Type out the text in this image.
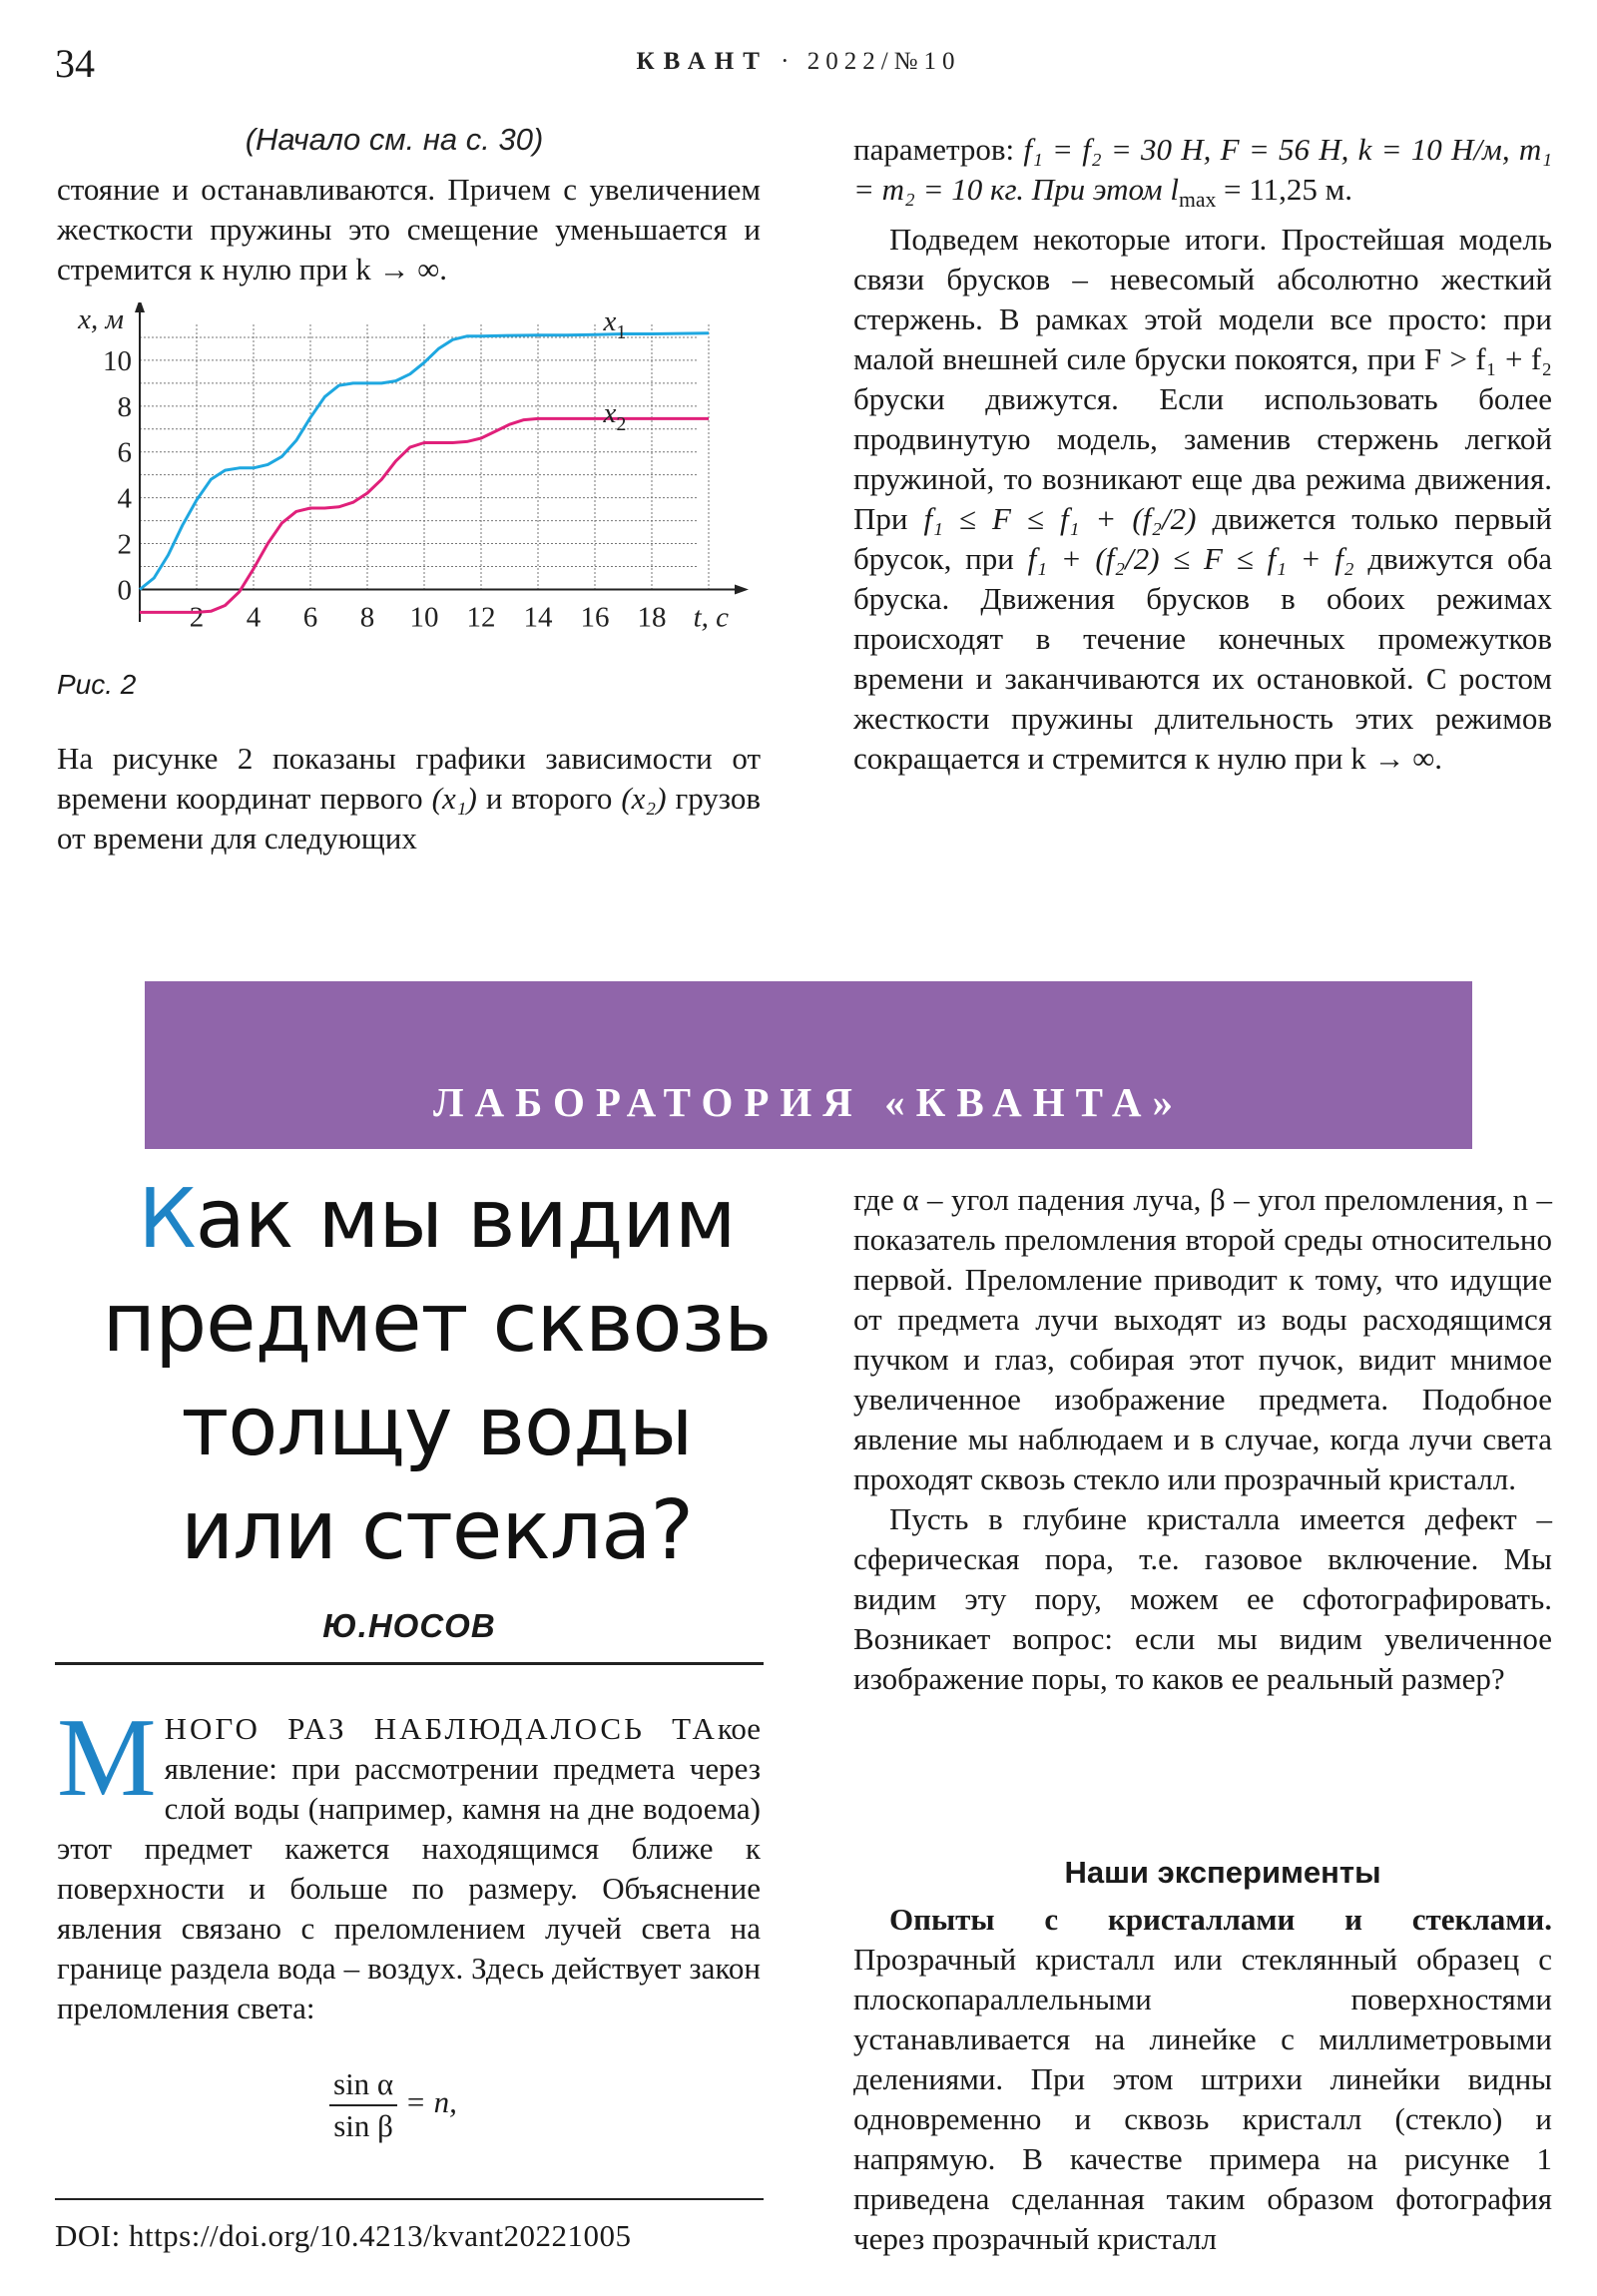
34	КВАНТ · 2022/№10
(Начало см. на с. 30)

стояние и останавливаются. Причем с увеличением жесткости пружины это смещение уменьшается и стремится к нулю при k → ∞.

2 4 6 8 10 12 14 16 18
0
2
4
6
8
10
t, с
x, м	$x_1$
$x_2$
Рис. 2

На рисунке 2 показаны графики зависимости от времени координат первого (x₁) и второго (x₂) грузов от времени для следующих

параметров: f₁ = f₂ = 30 Н, F = 56 Н, k = 10 Н/м, m₁ = m₂ = 10 кг. При этом $l_{max} = 11,25$ м.

Подведем некоторые итоги. Простейшая модель связи брусков – невесомый абсолютно жесткий стержень. В рамках этой модели все просто: при малой внешней силе бруски покоятся, при F > f₁ + f₂ бруски движутся. Если использовать более продвинутую модель, заменив стержень легкой пружиной, то возникают еще два режима движения. При f₁ ≤ F ≤ f₁ + (f₂/2) движется только первый брусок, при f₁ + (f₂/2) ≤ F ≤ f₁ + f₂ движутся оба бруска. Движения брусков в обоих режимах происходят в течение конечных промежутков времени и заканчиваются их остановкой. С ростом жесткости пружины длительность этих режимов сокращается и стремится к нулю при k → ∞.

ЛАБОРАТОРИЯ «КВАНТА»
Как мы видим
предмет сквозь
толщу воды
или стекла?
Ю.НОСОВ

МНОГО РАЗ НАБЛЮДАЛОСЬ ТАкое явление: при рассмотрении предмета через слой воды (например, камня на дне водоема) этот предмет кажется находящимся ближе к поверхности и больше по размеру. Объяснение явления связано с преломлением лучей света на границе раздела вода – воздух. Здесь действует закон преломления света:

$\frac{\text{sin α}}{\text{sin β}} = n$,
DOI: https://doi.org/10.4213/kvant20221005

где α – угол падения луча, β – угол преломления, n – показатель преломления второй среды относительно первой. Преломление приводит к тому, что идущие от предмета лучи выходят из воды расходящимся пучком и глаз, собирая этот пучок, видит мнимое увеличенное изображение предмета. Подобное явление мы наблюдаем и в случае, когда лучи света проходят сквозь стекло или прозрачный кристалл.

Пусть в глубине кристалла имеется дефект – сферическая пора, т.е. газовое включение. Мы видим эту пору, можем ее сфотографировать. Возникает вопрос: если мы видим увеличенное изображение поры, то каков ее реальный размер?

Наши эксперименты

Опыты с кристаллами и стеклами. Прозрачный кристалл или стеклянный образец с плоскопараллельными поверхностями устанавливается на линейке с миллиметровыми делениями. При этом штрихи линейки видны одновременно и сквозь кристалл (стекло) и напрямую. В качестве примера на рисунке 1 приведена сделанная таким образом фотография через прозрачный кристалл
